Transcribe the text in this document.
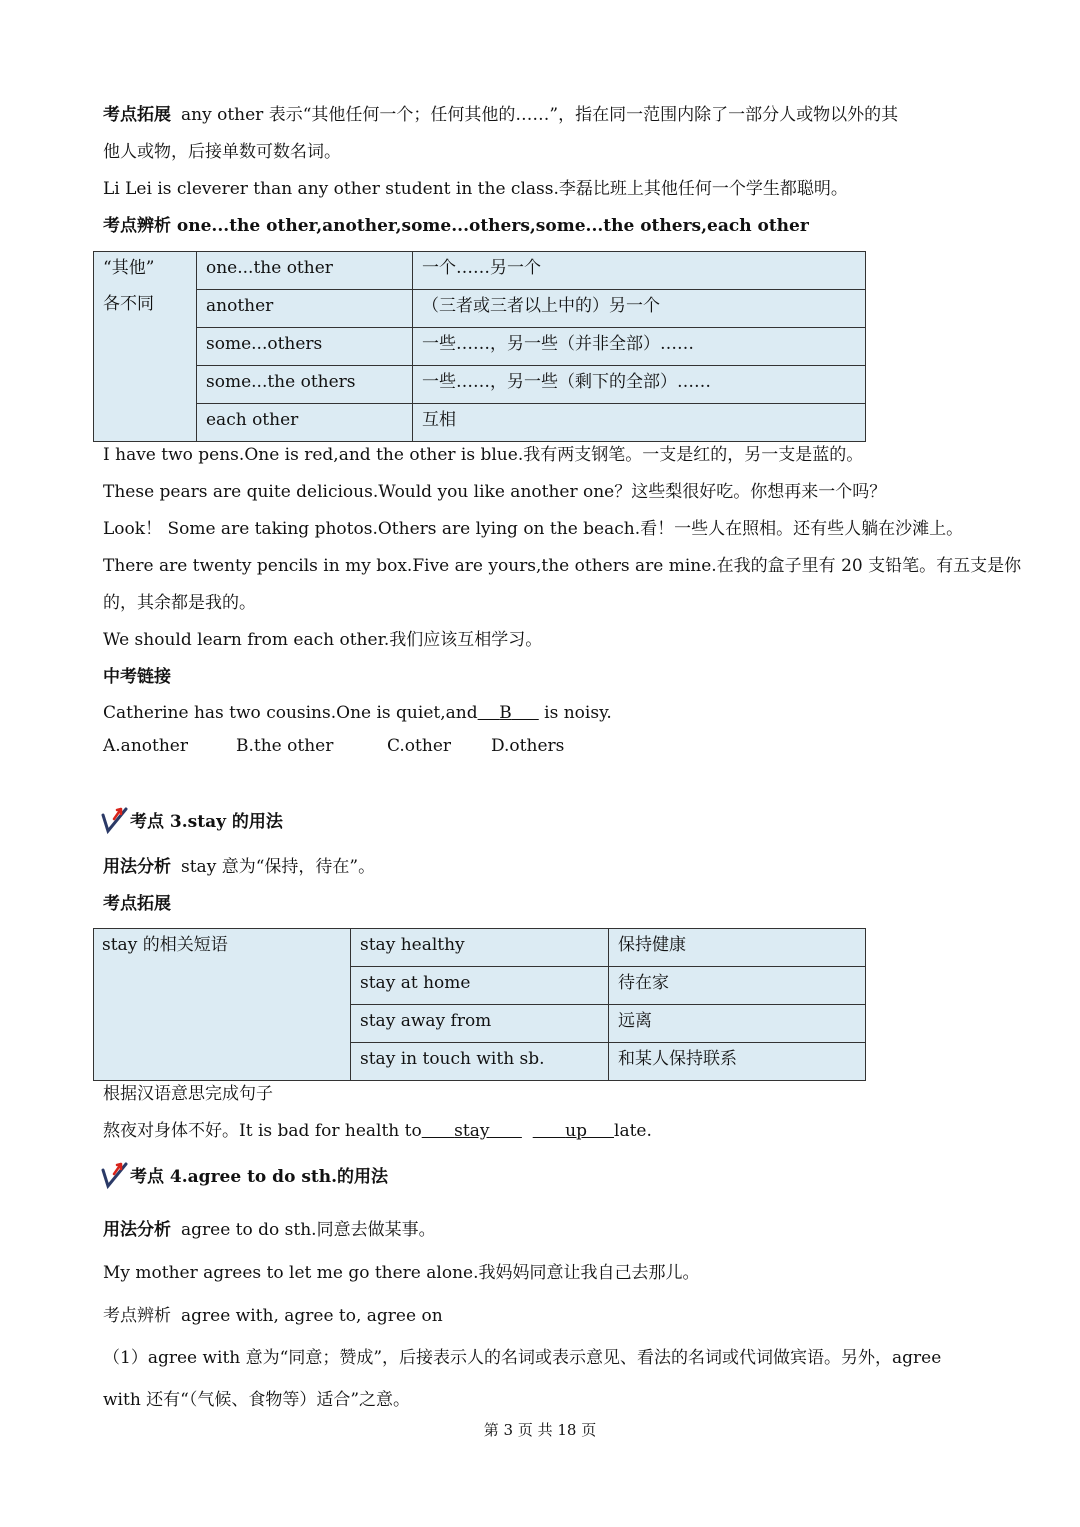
考点拓展 any other 表示“其他任何一个；任何其他的……”，指在同一范围内除了一部分人或物以外的其
他人或物，后接单数可数名词。
Li Lei is cleverer than any other student in the class.李磊比班上其他任何一个学生都聪明。
考点辨析 one...the other,another,some...others,some...the others,each other
“其他”
各不同	one...the other	一个……另一个
	another	（三者或三者以上中的）另一个
	some...others	一些……，另一些（并非全部）……
	some...the others	一些……，另一些（剩下的全部）……
	each other	互相
I have two pens.One is red,and the other is blue.我有两支钢笔。一支是红的，另一支是蓝的。
These pears are quite delicious.Would you like another one？这些梨很好吃。你想再来一个吗？
Look！ Some are taking photos.Others are lying on the beach.看！一些人在照相。还有些人躺在沙滩上。
There are twenty pencils in my box.Five are yours,the others are mine.在我的盒子里有 20 支铅笔。有五支是你
的，其余都是我的。
We should learn from each other.我们应该互相学习。
中考链接
Catherine has two cousins.One is quiet,and B is noisy.
A.another	B.the other	C.other D.others
考点 3.stay 的用法
用法分析 stay 意为“保持，待在”。
考点拓展
stay 的相关短语	stay healthy	保持健康
	stay at home	待在家
	stay away from	远离
	stay in touch with sb.	和某人保持联系
根据汉语意思完成句子
熬夜对身体不好。It is bad for health to stay	up late.
考点 4.agree to do sth.的用法
用法分析 agree to do sth.同意去做某事。
My mother agrees to let me go there alone.我妈妈同意让我自己去那儿。
考点辨析 agree with, agree to, agree on
（1）agree with 意为“同意；赞成”，后接表示人的名词或表示意见、看法的名词或代词做宾语。另外，agree
with 还有“（气候、食物等）适合”之意。
第 3 页 共 18 页
